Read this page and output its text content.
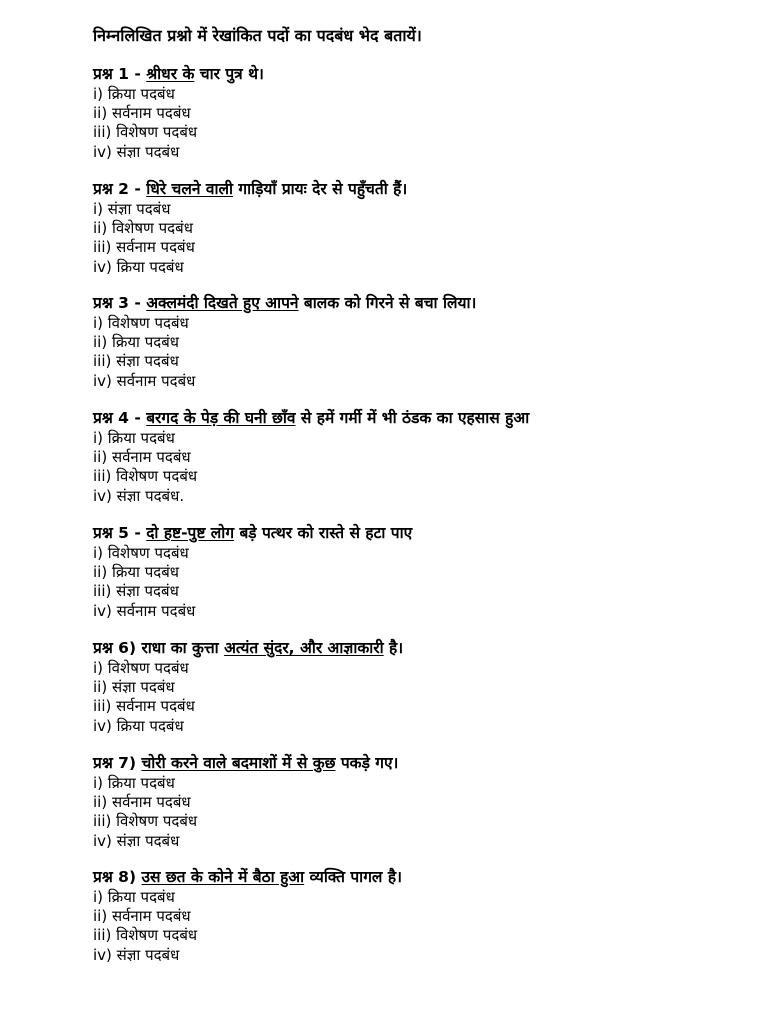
निम्नलिखित प्रश्नो में रेखांकित पदों का पदबंध भेद बतायें।
प्रश्न 1 - श्रीधर के चार पुत्र थे।
i) क्रिया पदबंध
ii) सर्वनाम पदबंध
iii) विशेषण पदबंध
iv) संज्ञा पदबंध
प्रश्न 2 - धिरे चलने वाली गाड़ियाँ प्रायः देर से पहुँचती हैं।
i) संज्ञा पदबंध
ii) विशेषण पदबंध
iii) सर्वनाम पदबंध
iv) क्रिया पदबंध
प्रश्न 3 - अक्लमंदी दिखते हुए आपने बालक को गिरने से बचा लिया।
i) विशेषण पदबंध
ii) क्रिया पदबंध
iii) संज्ञा पदबंध
iv) सर्वनाम पदबंध
प्रश्न 4 - बरगद के पेड़ की घनी छाँव से हमें गर्मी में भी ठंडक का एहसास हुआ
i) क्रिया पदबंध
ii) सर्वनाम पदबंध
iii) विशेषण पदबंध
iv) संज्ञा पदबंध.
प्रश्न 5 - दो हष्ट-पुष्ट लोग बड़े पत्थर को रास्ते से हटा पाए
i) विशेषण पदबंध
ii) क्रिया पदबंध
iii) संज्ञा पदबंध
iv) सर्वनाम पदबंध
प्रश्न 6) राधा का कुत्ता अत्यंत सुंदर, और आज्ञाकारी है।
i) विशेषण पदबंध
ii) संज्ञा पदबंध
iii) सर्वनाम पदबंध
iv) क्रिया पदबंध
प्रश्न 7) चोरी करने वाले बदमाशों में से कुछ पकड़े गए।
i) क्रिया पदबंध
ii) सर्वनाम पदबंध
iii) विशेषण पदबंध
iv) संज्ञा पदबंध
प्रश्न 8) उस छत के कोने में बैठा हुआ व्यक्ति पागल है।
i) क्रिया पदबंध
ii) सर्वनाम पदबंध
iii) विशेषण पदबंध
iv) संज्ञा पदबंध
